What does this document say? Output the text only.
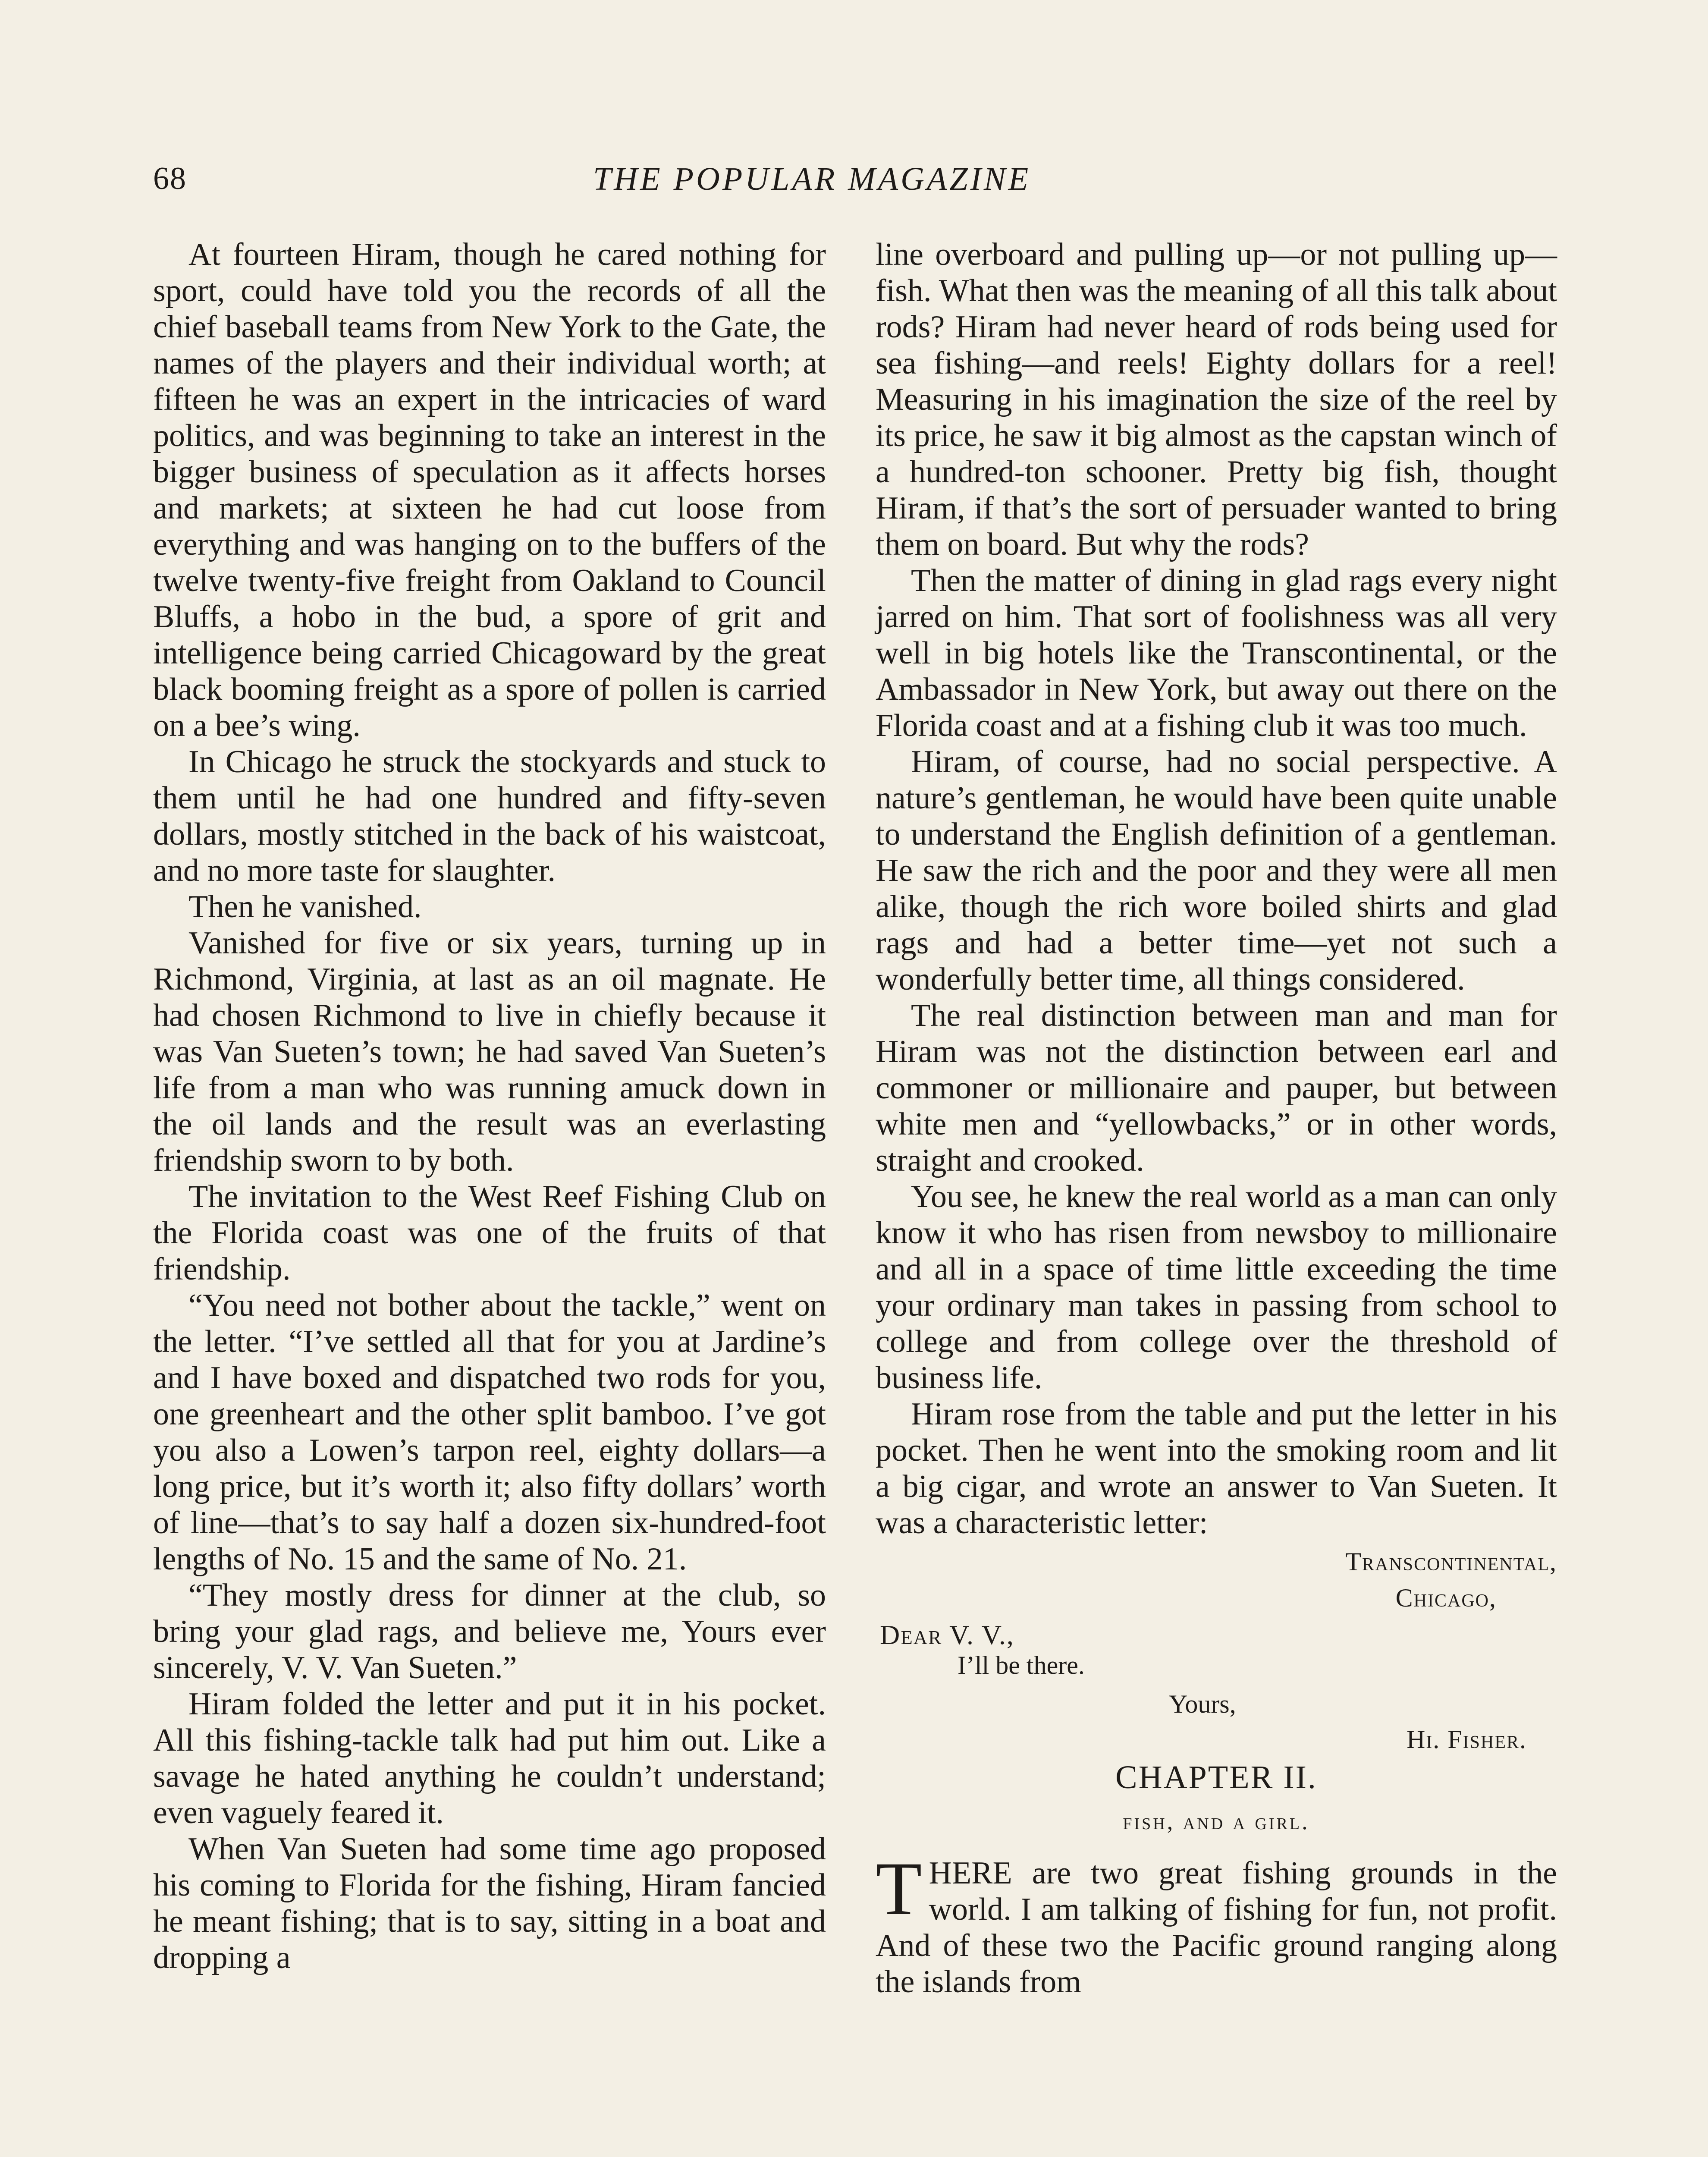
68	THE POPULAR MAGAZINE

At fourteen Hiram, though he cared nothing for sport, could have told you the records of all the chief baseball teams from New York to the Gate, the names of the players and their individual worth; at fifteen he was an expert in the intricacies of ward politics, and was beginning to take an interest in the bigger business of speculation as it affects horses and markets; at sixteen he had cut loose from everything and was hanging on to the buffers of the twelve twenty-five freight from Oakland to Council Bluffs, a hobo in the bud, a spore of grit and intelligence being carried Chicagoward by the great black booming freight as a spore of pollen is carried on a bee’s wing.

In Chicago he struck the stockyards and stuck to them until he had one hundred and fifty-seven dollars, mostly stitched in the back of his waistcoat, and no more taste for slaughter.

Then he vanished.

Vanished for five or six years, turning up in Richmond, Virginia, at last as an oil magnate. He had chosen Richmond to live in chiefly because it was Van Sueten’s town; he had saved Van Sueten’s life from a man who was running amuck down in the oil lands and the result was an everlasting friendship sworn to by both.

The invitation to the West Reef Fishing Club on the Florida coast was one of the fruits of that friendship.

“You need not bother about the tackle,” went on the letter. “I’ve settled all that for you at Jardine’s and I have boxed and dispatched two rods for you, one greenheart and the other split bamboo. I’ve got you also a Lowen’s tarpon reel, eighty dollars—a long price, but it’s worth it; also fifty dollars’ worth of line—that’s to say half a dozen six-hundred-foot lengths of No. 15 and the same of No. 21.

“They mostly dress for dinner at the club, so bring your glad rags, and believe me, Yours ever sincerely, V. V. Van Sueten.”

Hiram folded the letter and put it in his pocket. All this fishing-tackle talk had put him out. Like a savage he hated anything he couldn’t understand; even vaguely feared it.

When Van Sueten had some time ago proposed his coming to Florida for the fishing, Hiram fancied he meant fishing; that is to say, sitting in a boat and dropping a

line overboard and pulling up—or not pulling up—fish. What then was the meaning of all this talk about rods? Hiram had never heard of rods being used for sea fishing—and reels! Eighty dollars for a reel! Measuring in his imagination the size of the reel by its price, he saw it big almost as the capstan winch of a hundred-ton schooner. Pretty big fish, thought Hiram, if that’s the sort of persuader wanted to bring them on board. But why the rods?

Then the matter of dining in glad rags every night jarred on him. That sort of foolishness was all very well in big hotels like the Transcontinental, or the Ambassador in New York, but away out there on the Florida coast and at a fishing club it was too much.

Hiram, of course, had no social perspective. A nature’s gentleman, he would have been quite unable to understand the English definition of a gentleman. He saw the rich and the poor and they were all men alike, though the rich wore boiled shirts and glad rags and had a better time—yet not such a wonderfully better time, all things considered.

The real distinction between man and man for Hiram was not the distinction between earl and commoner or millionaire and pauper, but between white men and “yellowbacks,” or in other words, straight and crooked.

You see, he knew the real world as a man can only know it who has risen from newsboy to millionaire and all in a space of time little exceeding the time your ordinary man takes in passing from school to college and from college over the threshold of business life.

Hiram rose from the table and put the letter in his pocket. Then he went into the smoking room and lit a big cigar, and wrote an answer to Van Sueten. It was a characteristic letter:

Transcontinental,
Chicago,
Dear V. V.,
I’ll be there.
Yours,
Hi. Fisher.
CHAPTER II.
fish, and a girl.

THERE are two great fishing grounds in the world. I am talking of fishing for fun, not profit. And of these two the Pacific ground ranging along the islands from
